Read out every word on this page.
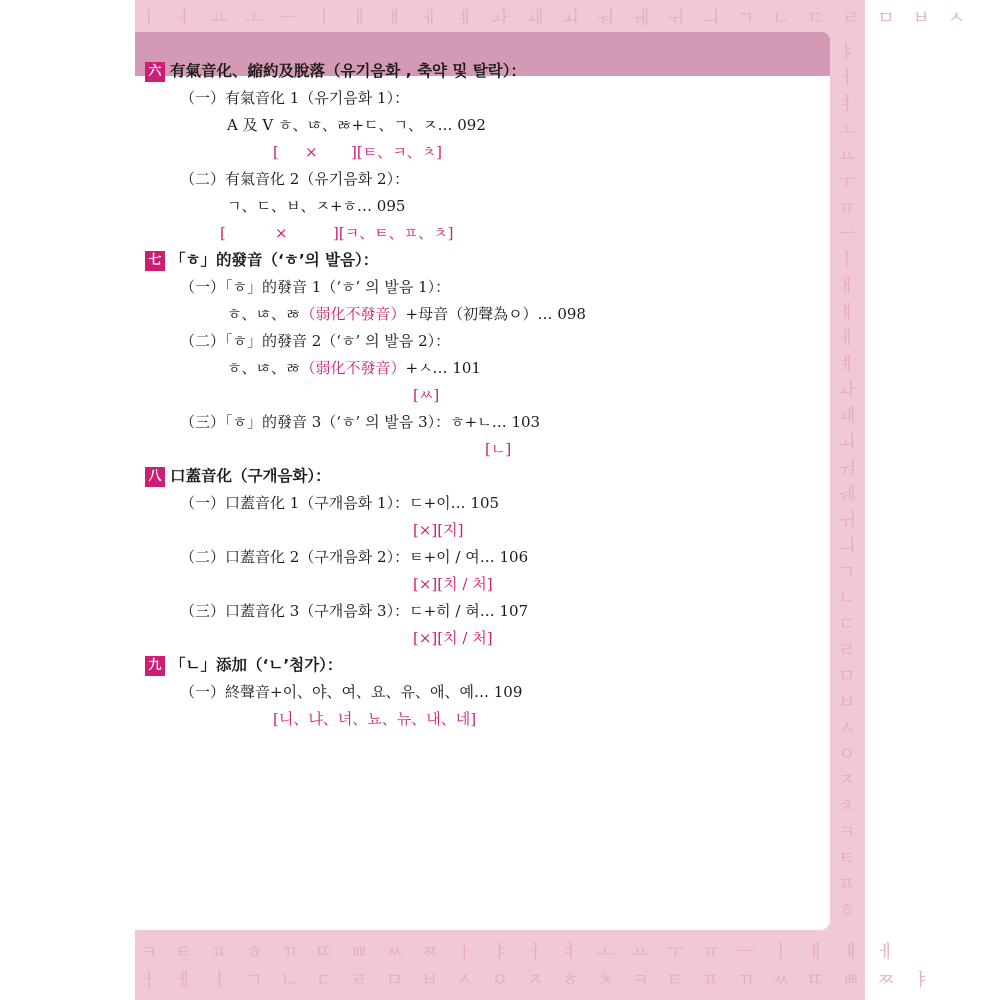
ㅣ ㅓ ㅛ ㅗ ㅡ ㅣ ㅐ ㅒ ㅔ ㅖ ㅘ ㅙ ㅚ ㅝ ㅞ ㅟ ㅢ ㄱ ㄴ ㄷ ㄹ ㅁ ㅂ ㅅ
ㅑㅓㅕㅗㅛㅜㅠㅡㅣㅐㅒㅔㅖㅘㅙㅚㅝㅞㅟㅢㄱㄴㄷㄹㅁㅂㅅㅇㅈㅊㅋㅌㅍㅎ
ㅋ ㅌ ㅍ ㅎ ㄲ ㄸ ㅃ ㅆ ㅉ ㅏ ㅑ ㅓ ㅕ ㅗ ㅛ ㅜ ㅠ ㅡ ㅣ ㅐ ㅒ ㅔ
ㅓ ㅔ ㅓ ㄱ ㄴ ㄷ ㄹ ㅁ ㅂ ㅅ ㅇ ㅈ ㅎ ㅊ ㅋ ㅌ ㅍ ㄲ ㅆ ㄸ ㅃ ㅉ ㅑ
六 有氣音化、縮約及脫落（유기음화 , 축약 및 탈락）：
（一）有氣音化 1（유기음화 1）：
A 及 V ㅎ、ㄶ、ㅀ+ㄷ、ㄱ、ㅈ… 092
[ × ][ㅌ、ㅋ、ㅊ]
（二）有氣音化 2（유기음화 2）：
ㄱ、ㄷ、ㅂ、ㅈ+ㅎ… 095
[	×	][ㅋ、ㅌ、ㅍ、ㅊ]
七 「ㅎ」的發音（‘ㅎ’의 발음）：
（一）「ㅎ」的發音 1（‘ㅎ’ 의 발음 1）：
ㅎ、ㄶ、ㅀ（弱化不發音）+母音（初聲為ㅇ）… 098
（二）「ㅎ」的發音 2（‘ㅎ’ 의 발음 2）：
ㅎ、ㄶ、ㅀ（弱化不發音）+ㅅ… 101
[ㅆ]
（三）「ㅎ」的發音 3（‘ㅎ’ 의 발음 3）：ㅎ+ㄴ… 103
[ㄴ]
八 口蓋音化（구개음화）：
（一）口蓋音化 1（구개음화 1）：ㄷ+이… 105
[×][지]
（二）口蓋音化 2（구개음화 2）：ㅌ+이 / 여… 106
[×][치 / 처]
（三）口蓋音化 3（구개음화 3）：ㄷ+히 / 혀… 107
[×][치 / 처]
九 「ㄴ」添加（‘ㄴ’첨가）：
（一）終聲音+이、야、여、요、유、애、예… 109
[니、냐、녀、뇨、뉴、내、네]
